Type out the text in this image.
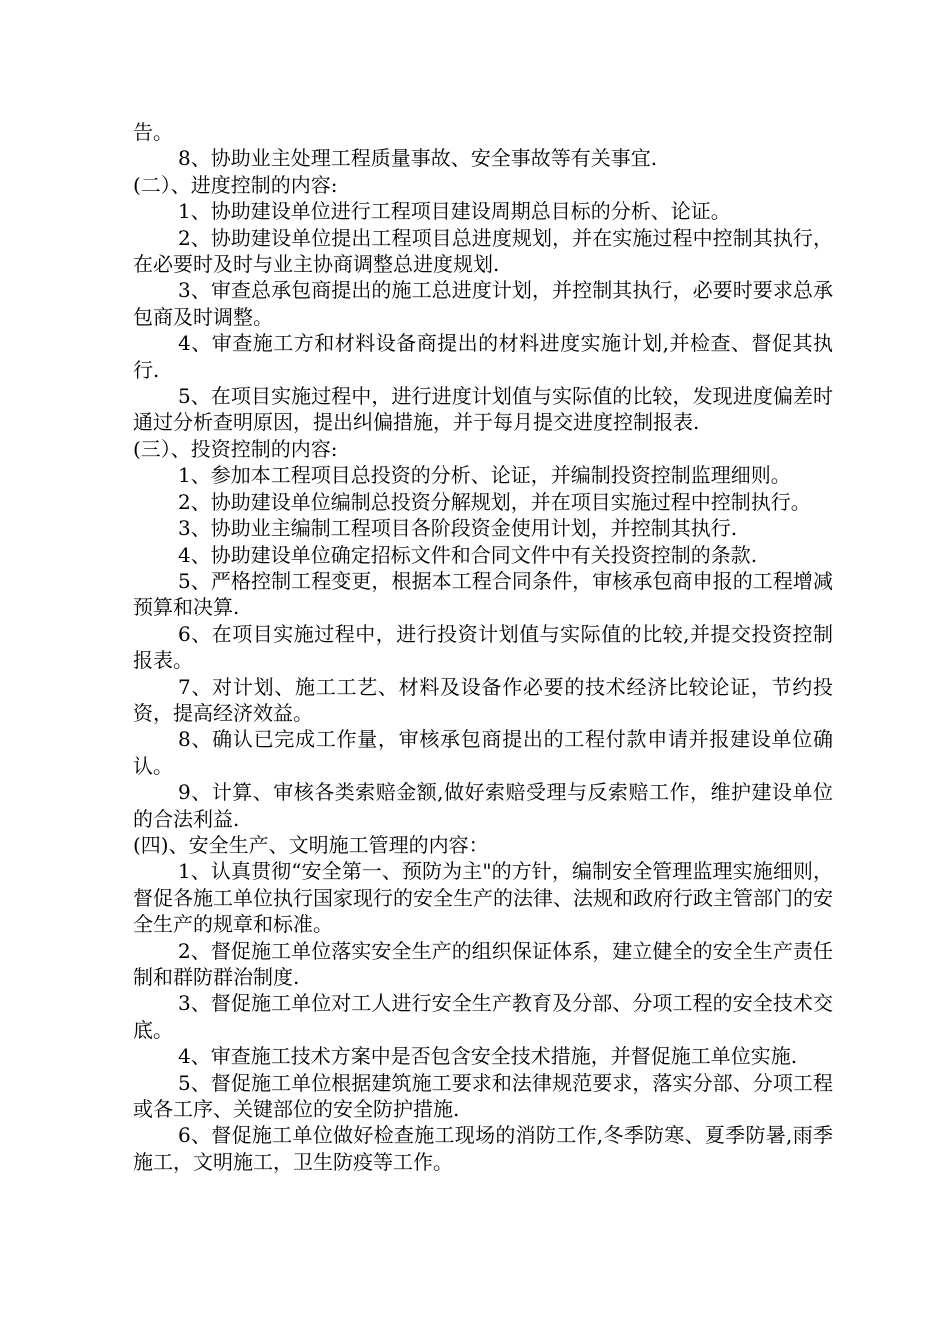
告。

8、协助业主处理工程质量事故、安全事故等有关事宜.

(二）、进度控制的内容:

1、协助建设单位进行工程项目建设周期总目标的分析、论证。

2、协助建设单位提出工程项目总进度规划，并在实施过程中控制其执行，在必要时及时与业主协商调整总进度规划.

3、审查总承包商提出的施工总进度计划，并控制其执行，必要时要求总承包商及时调整。

4、审查施工方和材料设备商提出的材料进度实施计划,并检查、督促其执行.

5、在项目实施过程中，进行进度计划值与实际值的比较，发现进度偏差时通过分析查明原因，提出纠偏措施，并于每月提交进度控制报表.

(三）、投资控制的内容:

1、参加本工程项目总投资的分析、论证，并编制投资控制监理细则。

2、协助建设单位编制总投资分解规划，并在项目实施过程中控制执行。

3、协助业主编制工程项目各阶段资金使用计划，并控制其执行.

4、协助建设单位确定招标文件和合同文件中有关投资控制的条款.

5、严格控制工程变更，根据本工程合同条件，审核承包商申报的工程增减预算和决算.

6、在项目实施过程中，进行投资计划值与实际值的比较,并提交投资控制报表。

7、对计划、施工工艺、材料及设备作必要的技术经济比较论证，节约投资，提高经济效益。

8、确认已完成工作量，审核承包商提出的工程付款申请并报建设单位确认。

9、计算、审核各类索赔金额,做好索赔受理与反索赔工作，维护建设单位的合法利益.

(四)、安全生产、文明施工管理的内容：

1、认真贯彻“安全第一、预防为主"的方针，编制安全管理监理实施细则，督促各施工单位执行国家现行的安全生产的法律、法规和政府行政主管部门的安全生产的规章和标准。

2、督促施工单位落实安全生产的组织保证体系，建立健全的安全生产责任制和群防群治制度.

3、督促施工单位对工人进行安全生产教育及分部、分项工程的安全技术交底。

4、审查施工技术方案中是否包含安全技术措施，并督促施工单位实施.

5、督促施工单位根据建筑施工要求和法律规范要求，落实分部、分项工程或各工序、关键部位的安全防护措施.

6、督促施工单位做好检查施工现场的消防工作,冬季防寒、夏季防暑,雨季施工，文明施工，卫生防疫等工作。
